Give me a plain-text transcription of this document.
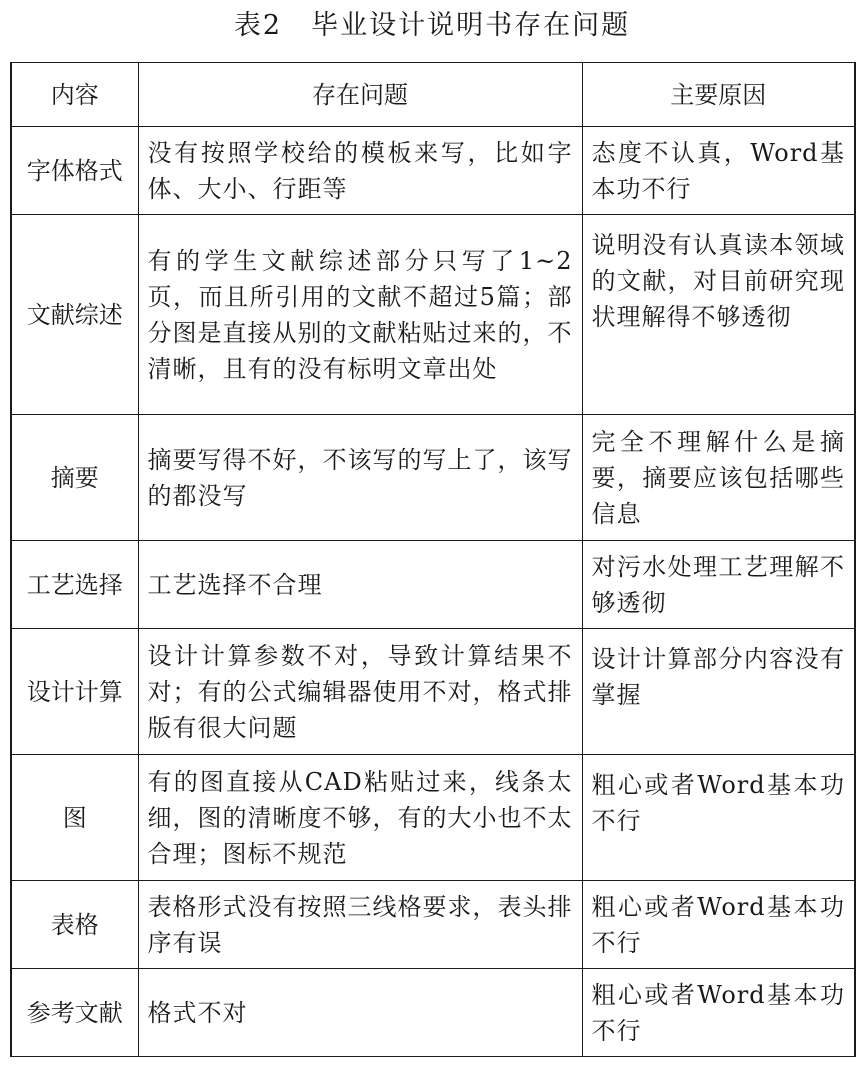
表2　毕业设计说明书存在问题
内容	存在问题	主要原因
字体格式	没有按照学校给的模板来写，比如字体、大小、行距等	态度不认真，Word基本功不行
文献综述	有的学生文献综述部分只写了1~2页，而且所引用的文献不超过5篇；部分图是直接从别的文献粘贴过来的，不清晰，且有的没有标明文章出处	说明没有认真读本领域的文献，对目前研究现状理解得不够透彻
摘要	摘要写得不好，不该写的写上了，该写的都没写	完全不理解什么是摘要，摘要应该包括哪些信息
工艺选择	工艺选择不合理	对污水处理工艺理解不够透彻
设计计算	设计计算参数不对，导致计算结果不对；有的公式编辑器使用不对，格式排版有很大问题	设计计算部分内容没有掌握
图	有的图直接从CAD粘贴过来，线条太细，图的清晰度不够，有的大小也不太合理；图标不规范	粗心或者Word基本功不行
表格	表格形式没有按照三线格要求，表头排序有误	粗心或者Word基本功不行
参考文献	格式不对	粗心或者Word基本功不行
